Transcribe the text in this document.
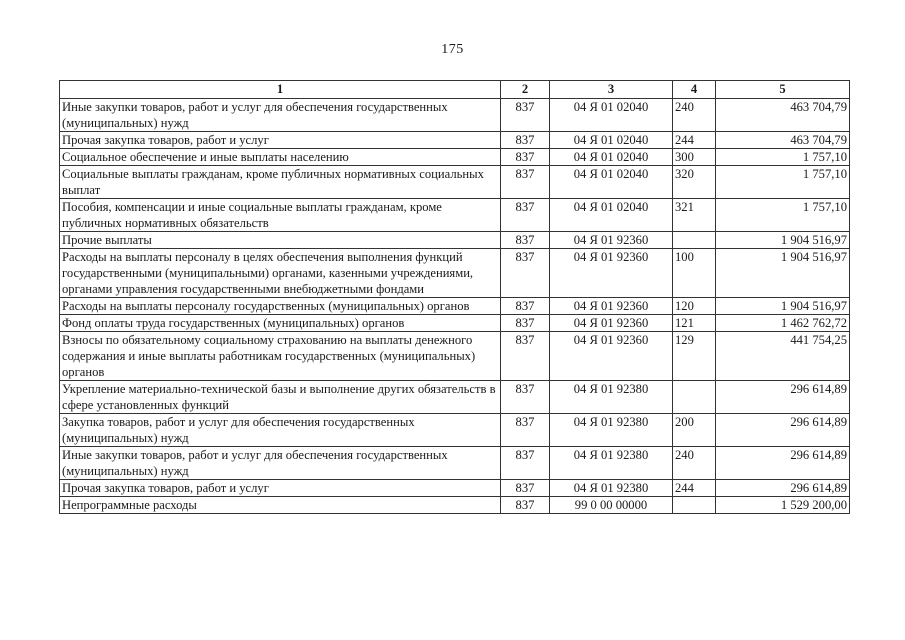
175
1	2	3	4	5
Иные закупки товаров, работ и услуг для обеспечения государственных (муниципальных) нужд	837	04 Я 01 02040	240	463 704,79
Прочая закупка товаров, работ и услуг	837	04 Я 01 02040	244	463 704,79
Социальное обеспечение и иные выплаты населению	837	04 Я 01 02040	300	1 757,10
Социальные выплаты гражданам, кроме публичных нормативных социальных выплат	837	04 Я 01 02040	320	1 757,10
Пособия, компенсации и иные социальные выплаты гражданам, кроме публичных нормативных обязательств	837	04 Я 01 02040	321	1 757,10
Прочие выплаты	837	04 Я 01 92360		1 904 516,97
Расходы на выплаты персоналу в целях обеспечения выполнения функций государственными (муниципальными) органами, казенными учреждениями, органами управления государственными внебюджетными фондами	837	04 Я 01 92360	100	1 904 516,97
Расходы на выплаты персоналу государственных (муниципальных) органов	837	04 Я 01 92360	120	1 904 516,97
Фонд оплаты труда государственных (муниципальных) органов	837	04 Я 01 92360	121	1 462 762,72
Взносы по обязательному социальному страхованию на выплаты денежного содержания и иные выплаты работникам государственных (муниципальных) органов	837	04 Я 01 92360	129	441 754,25
Укрепление материально-технической базы и выполнение других обязательств в сфере установленных функций	837	04 Я 01 92380		296 614,89
Закупка товаров, работ и услуг для обеспечения государственных (муниципальных) нужд	837	04 Я 01 92380	200	296 614,89
Иные закупки товаров, работ и услуг для обеспечения государственных (муниципальных) нужд	837	04 Я 01 92380	240	296 614,89
Прочая закупка товаров, работ и услуг	837	04 Я 01 92380	244	296 614,89
Непрограммные расходы	837	99 0 00 00000		1 529 200,00
